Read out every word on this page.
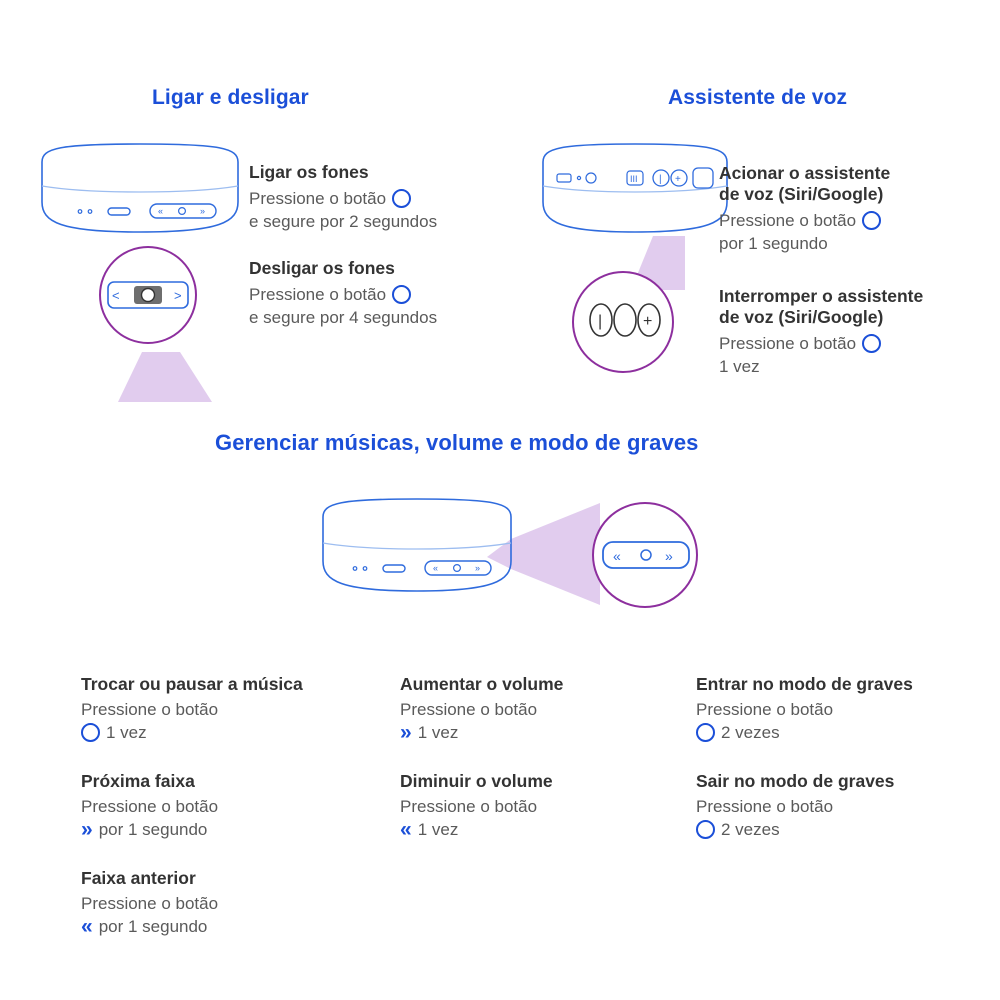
Ligar e desligar
«	»
<	>
Ligar os fones
Pressione o botão
e segure por 2 segundos
Desligar os fones
Pressione o botão
e segure por 4 segundos
Assistente de voz
III | +
|	+
Acionar o assistente
de voz (Siri/Google)
Pressione o botão
por 1 segundo
Interromper o assistente
de voz (Siri/Google)
Pressione o botão
1 vez
Gerenciar músicas, volume e modo de graves
«	»
«	»
Trocar ou pausar a música
Pressione o botão
1 vez
Próxima faixa
Pressione o botão
» por 1 segundo
Faixa anterior
Pressione o botão
« por 1 segundo
Aumentar o volume
Pressione o botão
» 1 vez
Diminuir o volume
Pressione o botão
« 1 vez
Entrar no modo de graves
Pressione o botão
2 vezes
Sair no modo de graves
Pressione o botão
2 vezes
